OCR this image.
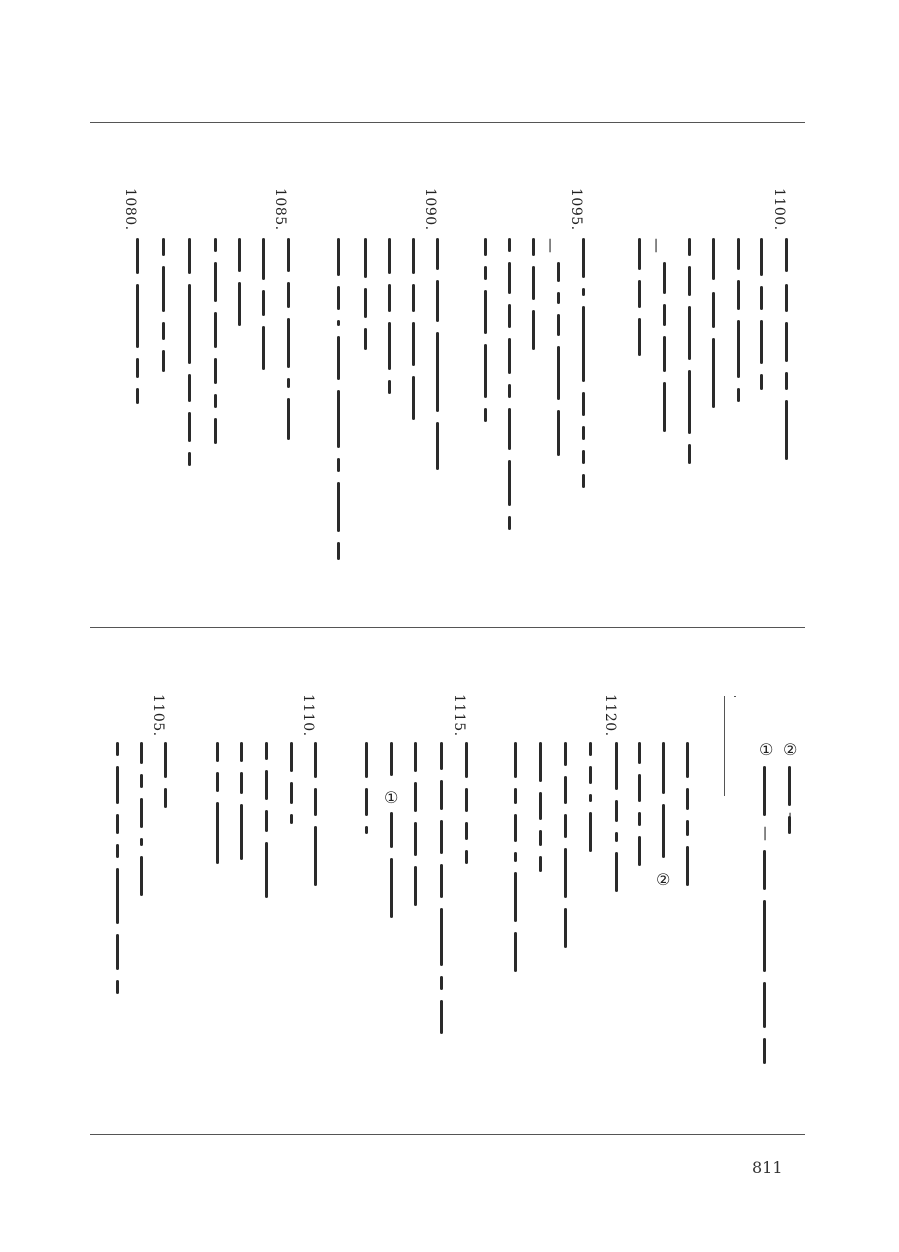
1100.
1095.
1090.
1085.
1080.
—
—
②
—
①
—
1120.
1115.
1110.
1105.
②
①
811
